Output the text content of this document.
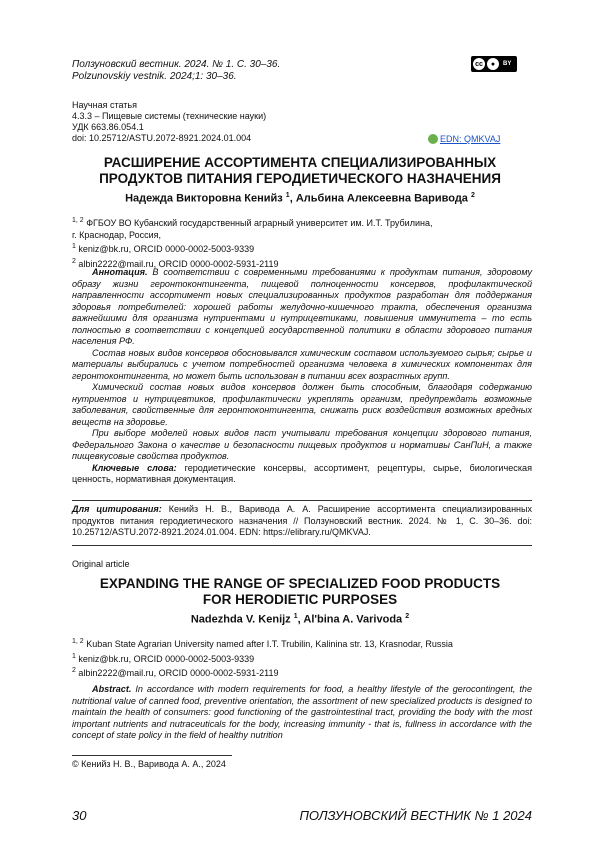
Ползуновский вестник. 2024. № 1. С. 30–36.
Polzunovskiy vestnik. 2024;1: 30–36.
cc	●	BY
Научная статья
4.3.3 – Пищевые системы (технические науки)
УДК 663.86.054.1
doi: 10.25712/ASTU.2072-8921.2024.01.004	EDN: QMKVAJ
РАСШИРЕНИЕ АССОРТИМЕНТА СПЕЦИАЛИЗИРОВАННЫХ
ПРОДУКТОВ ПИТАНИЯ ГЕРОДИЕТИЧЕСКОГО НАЗНАЧЕНИЯ
Надежда Викторовна Кенийз $^1$, Альбина Алексеевна Варивода $^2$
$^{1, 2}$ ФГБОУ ВО Кубанский государственный аграрный университет им. И.Т. Трубилина,
г. Краснодар, Россия,
$^1$ keniz@bk.ru, ORCID 0000-0002-5003-9339
$^2$ albin2222@mail.ru, ORCID 0000-0002-5931-2119

Аннотация. В соответствии с современными требованиями к продуктам питания, здоровому образу жизни геронтоконтингента, пищевой полноценности консервов, профилактической направленности ассортимент новых специализированных продуктов разработан для поддержания здоровья потребителей: хорошей работы желудочно-кишечного тракта, обеспечения организма важнейшими для организма нутриентами и нутрицевтиками, повышения иммунитета – то есть полностью в соответствии с концепцией государственной политики в области здорового питания населения РФ.

Состав новых видов консервов обосновывался химическим составом используемого сырья; сырье и материалы выбирались с учетом потребностей организма человека в химических компонентах для геронтоконтингента, но может быть использован в питании всех возрастных групп.

Химический состав новых видов консервов должен быть способным, благодаря содержанию нутриентов и нутрицевтиков, профилактически укреплять организм, предупреждать возможные заболевания, свойственные для геронтоконтингента, снижать риск воздействия возможных вредных веществ на здоровье.

При выборе моделей новых видов паст учитывали требования концепции здорового питания, Федерального Закона о качестве и безопасности пищевых продуктов и нормативы СанПиН, а также пищевкусовые свойства продуктов.

Ключевые слова: геродиетические консервы, ассортимент, рецептуры, сырье, биологическая ценность, нормативная документация.

Для цитирования: Кенийз Н. В., Варивода А. А. Расширение ассортимента специализированных продуктов питания геродиетического назначения // Ползуновский вестник. 2024. № 1, С. 30–36. doi: 10.25712/ASTU.2072-8921.2024.01.004. EDN: https://elibrary.ru/QMKVAJ.
Original article
EXPANDING THE RANGE OF SPECIALIZED FOOD PRODUCTS
FOR HERODIETIC PURPOSES
Nadezhda V. Kenijz $^1$, Al'bina A. Varivoda $^2$
$^{1, 2}$ Kuban State Agrarian University named after I.T. Trubilin, Kalinina str. 13, Krasnodar, Russia
$^1$ keniz@bk.ru, ORCID 0000-0002-5003-9339
$^2$ albin2222@mail.ru, ORCID 0000-0002-5931-2119

Abstract. In accordance with modern requirements for food, a healthy lifestyle of the gerocontingent, the nutritional value of canned food, preventive orientation, the assortment of new specialized products is designed to maintain the health of consumers: good functioning of the gastrointestinal tract, providing the body with the most important nutrients and nutraceuticals for the body, increasing immunity - that is, fullness in accordance with the concept of state policy in the field of healthy nutrition

© Кенийз Н. В., Варивода А. А., 2024
30	ПОЛЗУНОВСКИЙ ВЕСТНИК № 1 2024
